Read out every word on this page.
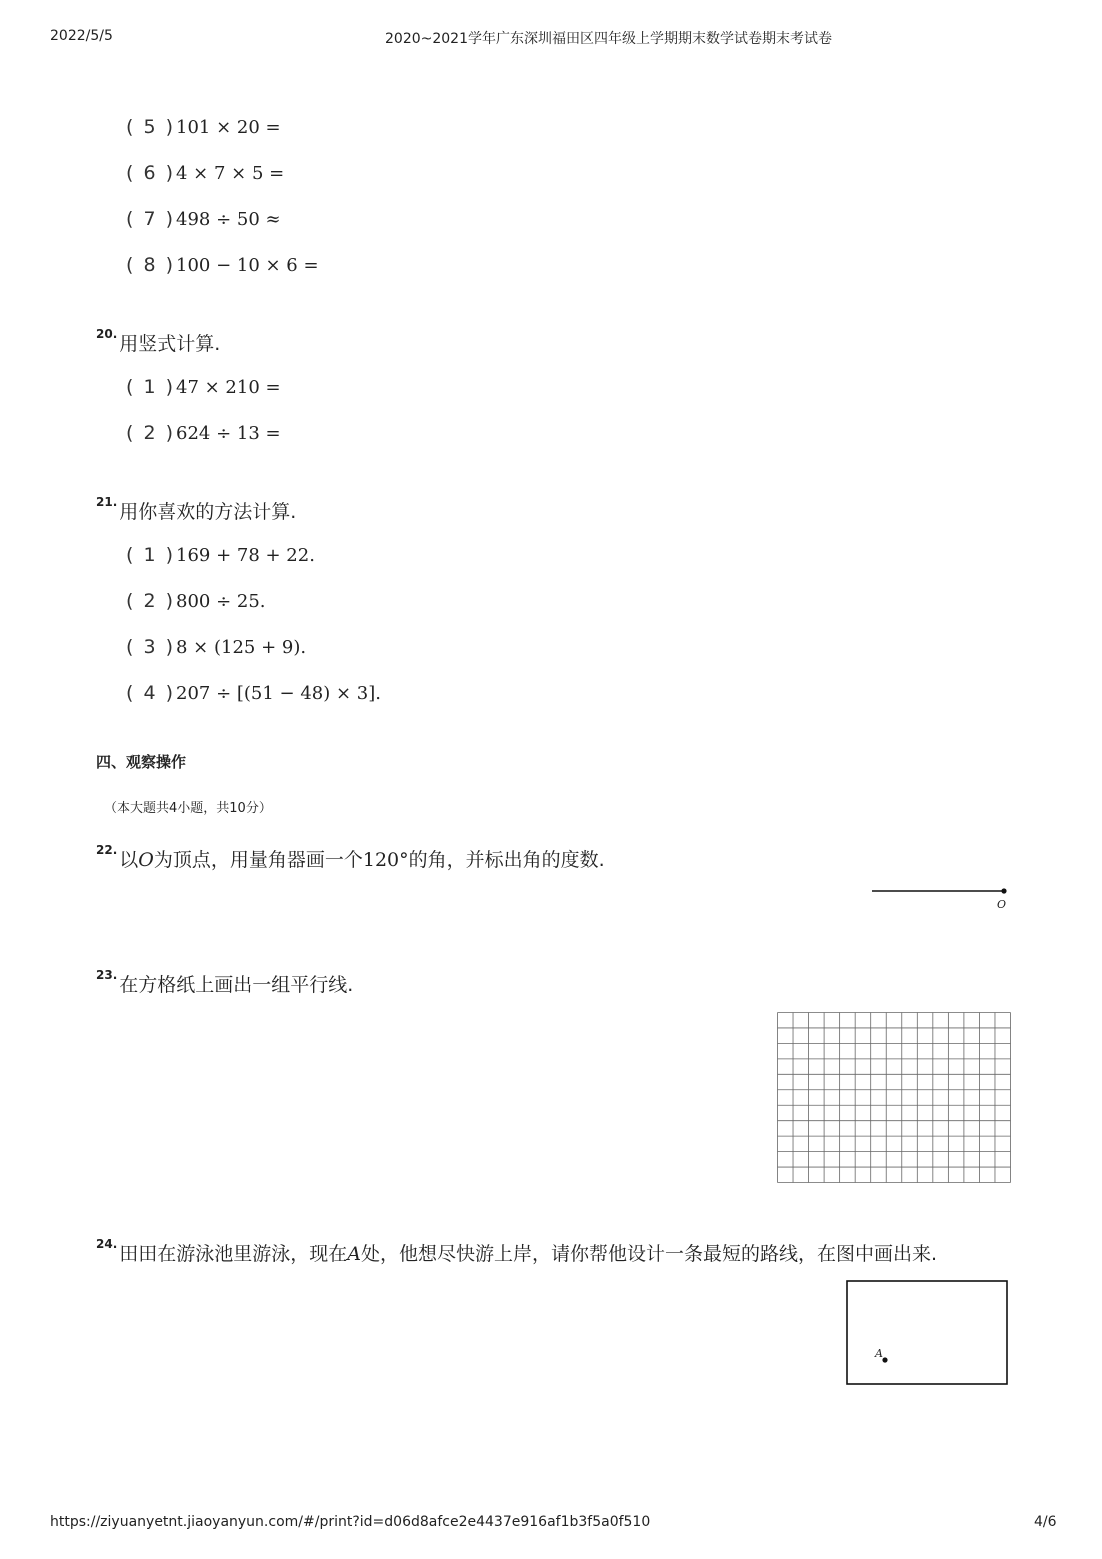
2022/5/5	2020~2021学年广东深圳福田区四年级上学期期末数学试卷期末考试卷
( 5 )101 × 20 =
( 6 )4 × 7 × 5 =
( 7 )498 ÷ 50 ≈
( 8 )100 − 10 × 6 =
$^{20.}$ 用竖式计算.
( 1 )47 × 210 =
( 2 )624 ÷ 13 =
$^{21.}$ 用你喜欢的方法计算.
( 1 )169 + 78 + 22.
( 2 )800 ÷ 25.
( 3 )8 × (125 + 9).
( 4 )207 ÷ [(51 − 48) × 3].
四、观察操作
（本大题共4小题，共10分）
$^{22.}$ 以O为顶点，用量角器画一个120°的角，并标出角的度数.
O
$^{23.}$ 在方格纸上画出一组平行线.
$^{24.}$ 田田在游泳池里游泳，现在A处，他想尽快游上岸，请你帮他设计一条最短的路线，在图中画出来.
A
https://ziyuanyetnt.jiaoyanyun.com/#/print?id=d06d8afce2e4437e916af1b3f5a0f510	4/6
